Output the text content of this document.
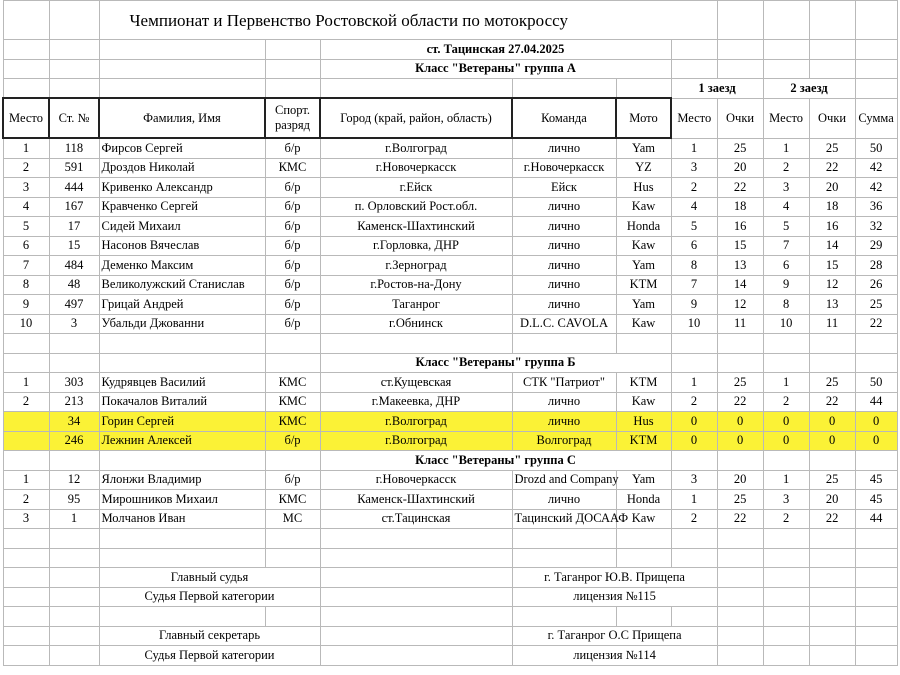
		Чемпионат и Первенство Ростовской области по мотокроссу									
				ст. Тацинская 27.04.2025							
				Класс "Ветераны" группа А							
							1 заезд		2 заезд		
Место	Ст. №	Фамилия, Имя	Спорт. разряд	Город (край, район, область)	Команда	Мото	Место	Очки	Место	Очки	Сумма
1	118	Фирсов Сергей	б/р	г.Волгоград	лично	Yam	1	25	1	25	50
2	591	Дроздов Николай	КМС	г.Новочеркасск	г.Новочеркасск	YZ	3	20	2	22	42
3	444	Кривенко Александр	б/р	г.Ейск	Ейск	Hus	2	22	3	20	42
4	167	Кравченко Сергей	б/р	п. Орловский Рост.обл.	лично	Kaw	4	18	4	18	36
5	17	Сидей Михаил	б/р	Каменск-Шахтинский	лично	Honda	5	16	5	16	32
6	15	Насонов Вячеслав	б/р	г.Горловка, ДНР	лично	Kaw	6	15	7	14	29
7	484	Деменко Максим	б/р	г.Зерноград	лично	Yam	8	13	6	15	28
8	48	Великолужский Станислав	б/р	г.Ростов-на-Дону	лично	KTM	7	14	9	12	26
9	497	Грицай Андрей	б/р	Таганрог	лично	Yam	9	12	8	13	25
10	3	Убальди Джованни	б/р	г.Обнинск	D.L.C. CAVOLA	Kaw	10	11	10	11	22

				Класс "Ветераны" группа Б							
1	303	Кудрявцев Василий	КМС	ст.Кущевская	СТК "Патриот"	KTM	1	25	1	25	50
2	213	Покачалов Виталий	КМС	г.Макеевка, ДНР	лично	Kaw	2	22	2	22	44
	34	Горин Сергей	КМС	г.Волгоград	лично	Hus	0	0	0	0	0
	246	Лежнин Алексей	б/р	г.Волгоград	Волгоград	KTM	0	0	0	0	0
				Класс "Ветераны" группа С							
1	12	Ялонжи Владимир	б/р	г.Новочеркасск	Drozd and Company	Yam	3	20	1	25	45
2	95	Мирошников Михаил	КМС	Каменск-Шахтинский	лично	Honda	1	25	3	20	45
3	1	Молчанов Иван	МС	ст.Тацинская	Тацинский ДОСААФ	Kaw	2	22	2	22	44

		Главный судья			г. Таганрог Ю.В. Прищепа						
		Судья Первой категории			лицензия №115						

		Главный секретарь			г. Таганрог О.С Прищепа						
		Судья Первой категории			лицензия №114						
